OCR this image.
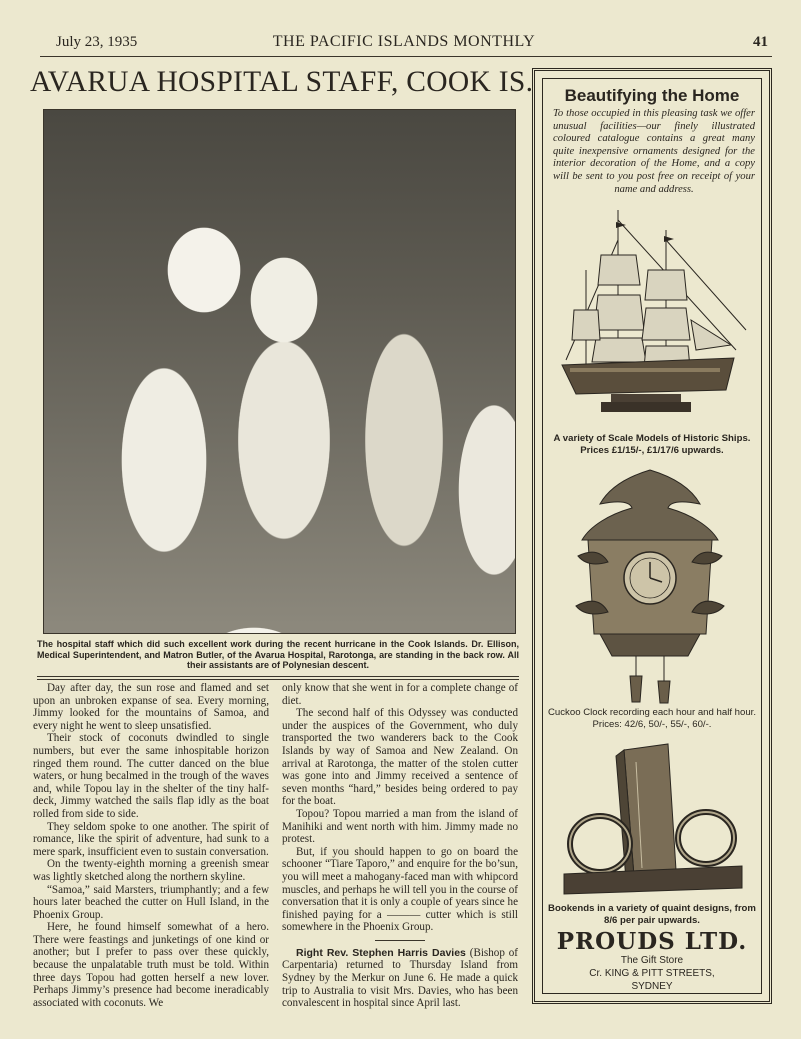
July 23, 1935	THE PACIFIC ISLANDS MONTHLY	41
AVARUA HOSPITAL STAFF, COOK IS.
The hospital staff which did such excellent work during the recent hurricane in the Cook Islands. Dr. Ellison, Medical Superintendent, and Matron Butler, of the Avarua Hospital, Rarotonga, are standing in the back row. All their assistants are of Polynesian descent.

Day after day, the sun rose and flamed and set upon an unbroken expanse of sea. Every morning, Jimmy looked for the mountains of Samoa, and every night he went to sleep unsatisfied.

Their stock of coconuts dwindled to single numbers, but ever the same inhospitable horizon ringed them round. The cutter danced on the blue waters, or hung becalmed in the trough of the waves and, while Topou lay in the shelter of the tiny half-deck, Jimmy watched the sails flap idly as the boat rolled from side to side.

They seldom spoke to one another. The spirit of romance, like the spirit of adventure, had sunk to a mere spark, insufficient even to sustain conversation.

On the twenty-eighth morning a greenish smear was lightly sketched along the northern skyline.

“Samoa,” said Marsters, triumphantly; and a few hours later beached the cutter on Hull Island, in the Phoenix Group.

Here, he found himself somewhat of a hero. There were feastings and junketings of one kind or another; but I prefer to pass over these quickly, because the unpalatable truth must be told. Within three days Topou had gotten herself a new lover. Perhaps Jimmy’s presence had become ineradicably associated with coconuts. We

only know that she went in for a complete change of diet.

The second half of this Odyssey was conducted under the auspices of the Government, who duly transported the two wanderers back to the Cook Islands by way of Samoa and New Zealand. On arrival at Rarotonga, the matter of the stolen cutter was gone into and Jimmy received a sentence of seven months “hard,” besides being ordered to pay for the boat.

Topou? Topou married a man from the island of Manihiki and went north with him. Jimmy made no protest.

But, if you should happen to go on board the schooner “Tiare Taporo,” and enquire for the bo’sun, you will meet a mahogany-faced man with whipcord muscles, and perhaps he will tell you in the course of conversation that it is only a couple of years since he finished paying for a ——— cutter which is still somewhere in the Phoenix Group.

Right Rev. Stephen Harris Davies (Bishop of Carpentaria) returned to Thursday Island from Sydney by the Merkur on June 6. He made a quick trip to Australia to visit Mrs. Davies, who has been convalescent in hospital since April last.

Beautifying the Home
To those occupied in this pleasing task we offer unusual facilities—our finely illustrated coloured catalogue contains a great many quite inexpensive ornaments designed for the interior decoration of the Home, and a copy will be sent to you post free on receipt of your name and address.
A variety of Scale Models of Historic Ships.
Prices £1/15/-, £1/17/6 upwards.
Cuckoo Clock recording each hour and half hour.
Prices: 42/6, 50/-, 55/-, 60/-.
Bookends in a variety of quaint designs, from 8/6 per pair upwards.
PROUDS LTD.
The Gift Store
Cr. KING & PITT STREETS,
SYDNEY
